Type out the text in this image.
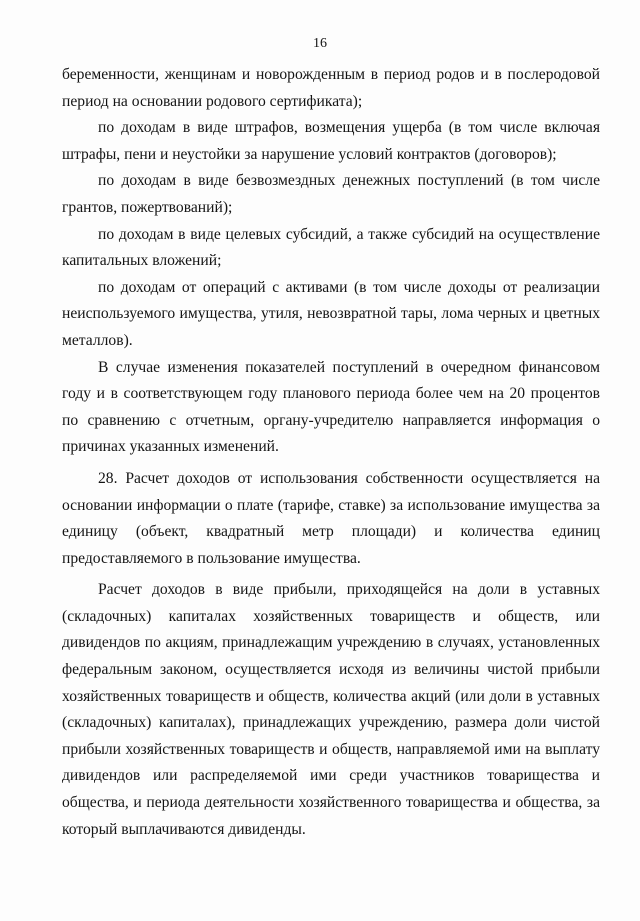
16

беременности, женщинам и новорожденным в период родов и в послеродовой период на основании родового сертификата);

по доходам в виде штрафов, возмещения ущерба (в том числе включая штрафы, пени и неустойки за нарушение условий контрактов (договоров);

по доходам в виде безвозмездных денежных поступлений (в том числе грантов, пожертвований);

по доходам в виде целевых субсидий, а также субсидий на осуществление капитальных вложений;

по доходам от операций с активами (в том числе доходы от реализации неиспользуемого имущества, утиля, невозвратной тары, лома черных и цветных металлов).

В случае изменения показателей поступлений в очередном финансовом году и в соответствующем году планового периода более чем на 20 процентов по сравнению с отчетным, органу-учредителю направляется информация о причинах указанных изменений.

28. Расчет доходов от использования собственности осуществляется на основании информации о плате (тарифе, ставке) за использование имущества за единицу (объект, квадратный метр площади) и количества единиц предоставляемого в пользование имущества.

Расчет доходов в виде прибыли, приходящейся на доли в уставных (складочных) капиталах хозяйственных товариществ и обществ, или дивидендов по акциям, принадлежащим учреждению в случаях, установленных федеральным законом, осуществляется исходя из величины чистой прибыли хозяйственных товариществ и обществ, количества акций (или доли в уставных (складочных) капиталах), принадлежащих учреждению, размера доли чистой прибыли хозяйственных товариществ и обществ, направляемой ими на выплату дивидендов или распределяемой ими среди участников товарищества и общества, и периода деятельности хозяйственного товарищества и общества, за который выплачиваются дивиденды.
